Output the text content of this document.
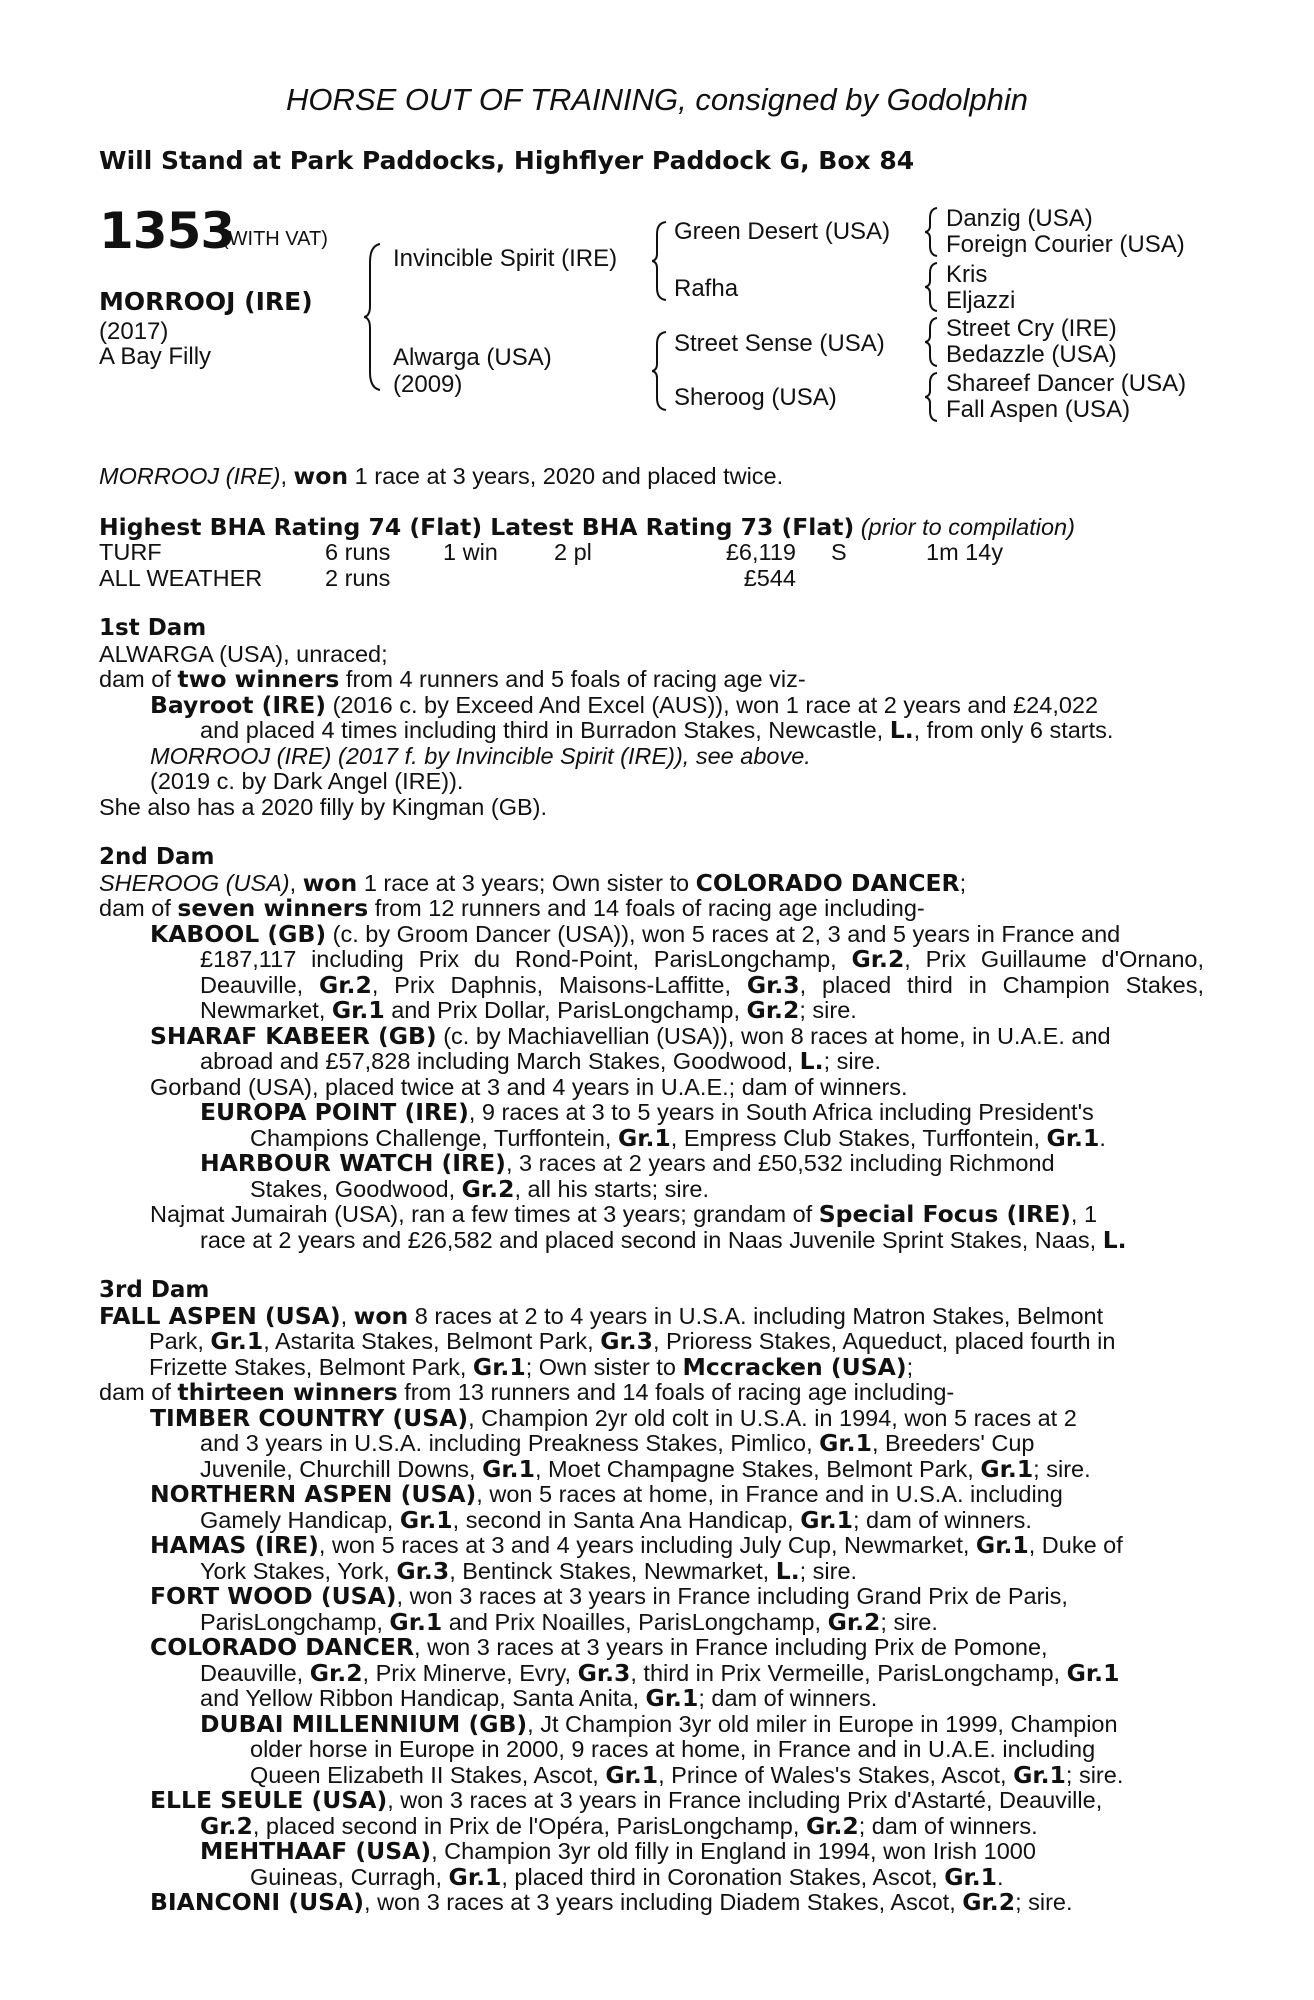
HORSE OUT OF TRAINING, consigned by Godolphin
Will Stand at Park Paddocks, Highflyer Paddock G, Box 84
1353
(WITH VAT)
MORROOJ (IRE)
(2017)
A Bay Filly
Invincible Spirit (IRE)
Alwarga (USA)
(2009)
Green Desert (USA)
Rafha
Street Sense (USA)
Sheroog (USA)
Danzig (USA)
Foreign Courier (USA)
Kris
Eljazzi
Street Cry (IRE)
Bedazzle (USA)
Shareef Dancer (USA)
Fall Aspen (USA)

MORROOJ (IRE), won 1 race at 3 years, 2020 and placed twice.

Highest BHA Rating 74 (Flat) Latest BHA Rating 73 (Flat) (prior to compilation)

TURF	6 runs	1 win	2 pl	£6,119	S	1m 14y
ALL WEATHER	2 runs			£544		

1st Dam

ALWARGA (USA), unraced;

dam of two winners from 4 runners and 5 foals of racing age viz-

Bayroot (IRE) (2016 c. by Exceed And Excel (AUS)), won 1 race at 2 years and £24,022
and placed 4 times including third in Burradon Stakes, Newcastle, L., from only 6 starts.

MORROOJ (IRE) (2017 f. by Invincible Spirit (IRE)), see above.

(2019 c. by Dark Angel (IRE)).

She also has a 2020 filly by Kingman (GB).

2nd Dam

SHEROOG (USA), won 1 race at 3 years; Own sister to COLORADO DANCER;

dam of seven winners from 12 runners and 14 foals of racing age including-

KABOOL (GB) (c. by Groom Dancer (USA)), won 5 races at 2, 3 and 5 years in France and
£187,117 including Prix du Rond-Point, ParisLongchamp, Gr.2, Prix Guillaume d'Ornano, Deauville, Gr.2, Prix Daphnis, Maisons-Laffitte, Gr.3, placed third in Champion Stakes, Newmarket, Gr.1 and Prix Dollar, ParisLongchamp, Gr.2; sire.

SHARAF KABEER (GB) (c. by Machiavellian (USA)), won 8 races at home, in U.A.E. and
abroad and £57,828 including March Stakes, Goodwood, L.; sire.

Gorband (USA), placed twice at 3 and 4 years in U.A.E.; dam of winners.

EUROPA POINT (IRE), 9 races at 3 to 5 years in South Africa including President's
Champions Challenge, Turffontein, Gr.1, Empress Club Stakes, Turffontein, Gr.1.

HARBOUR WATCH (IRE), 3 races at 2 years and £50,532 including Richmond
Stakes, Goodwood, Gr.2, all his starts; sire.

Najmat Jumairah (USA), ran a few times at 3 years; grandam of Special Focus (IRE), 1
race at 2 years and £26,582 and placed second in Naas Juvenile Sprint Stakes, Naas, L.

3rd Dam

FALL ASPEN (USA), won 8 races at 2 to 4 years in U.S.A. including Matron Stakes, Belmont
Park, Gr.1, Astarita Stakes, Belmont Park, Gr.3, Prioress Stakes, Aqueduct, placed fourth in
Frizette Stakes, Belmont Park, Gr.1; Own sister to Mccracken (USA);

dam of thirteen winners from 13 runners and 14 foals of racing age including-

TIMBER COUNTRY (USA), Champion 2yr old colt in U.S.A. in 1994, won 5 races at 2
and 3 years in U.S.A. including Preakness Stakes, Pimlico, Gr.1, Breeders' Cup
Juvenile, Churchill Downs, Gr.1, Moet Champagne Stakes, Belmont Park, Gr.1; sire.

NORTHERN ASPEN (USA), won 5 races at home, in France and in U.S.A. including
Gamely Handicap, Gr.1, second in Santa Ana Handicap, Gr.1; dam of winners.

HAMAS (IRE), won 5 races at 3 and 4 years including July Cup, Newmarket, Gr.1, Duke of
York Stakes, York, Gr.3, Bentinck Stakes, Newmarket, L.; sire.

FORT WOOD (USA), won 3 races at 3 years in France including Grand Prix de Paris,
ParisLongchamp, Gr.1 and Prix Noailles, ParisLongchamp, Gr.2; sire.

COLORADO DANCER, won 3 races at 3 years in France including Prix de Pomone,
Deauville, Gr.2, Prix Minerve, Evry, Gr.3, third in Prix Vermeille, ParisLongchamp, Gr.1
and Yellow Ribbon Handicap, Santa Anita, Gr.1; dam of winners.

DUBAI MILLENNIUM (GB), Jt Champion 3yr old miler in Europe in 1999, Champion
older horse in Europe in 2000, 9 races at home, in France and in U.A.E. including
Queen Elizabeth II Stakes, Ascot, Gr.1, Prince of Wales's Stakes, Ascot, Gr.1; sire.

ELLE SEULE (USA), won 3 races at 3 years in France including Prix d'Astarté, Deauville,
Gr.2, placed second in Prix de l'Opéra, ParisLongchamp, Gr.2; dam of winners.

MEHTHAAF (USA), Champion 3yr old filly in England in 1994, won Irish 1000
Guineas, Curragh, Gr.1, placed third in Coronation Stakes, Ascot, Gr.1.

BIANCONI (USA), won 3 races at 3 years including Diadem Stakes, Ascot, Gr.2; sire.
